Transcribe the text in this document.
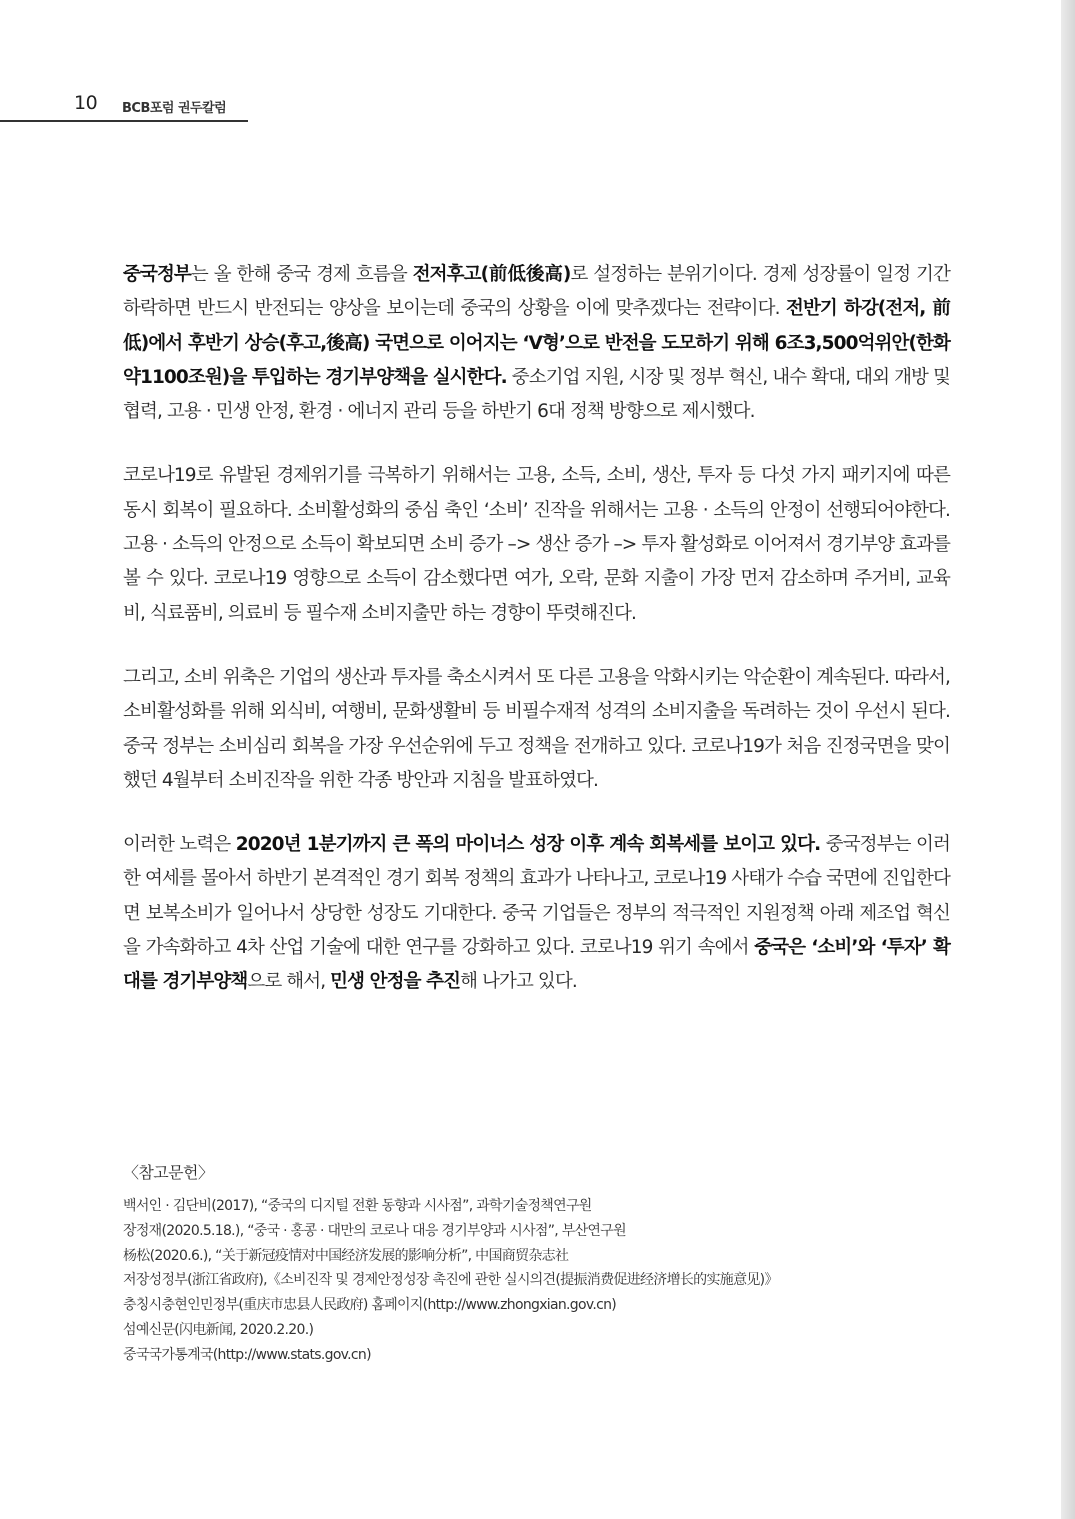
10 BCB포럼 권두칼럼

중국정부는 올 한해 중국 경제 흐름을 전저후고(前低後高)로 설정하는 분위기이다. 경제 성장률이 일정 기간 하락하면 반드시 반전되는 양상을 보이는데 중국의 상황을 이에 맞추겠다는 전략이다. 전반기 하강(전저, 前低)에서 후반기 상승(후고,後高) 국면으로 이어지는 ‘V형’으로 반전을 도모하기 위해 6조3,500억위안(한화 약1100조원)을 투입하는 경기부양책을 실시한다. 중소기업 지원, 시장 및 정부 혁신, 내수 확대, 대외 개방 및 협력, 고용 · 민생 안정, 환경 · 에너지 관리 등을 하반기 6대 정책 방향으로 제시했다.

코로나19로 유발된 경제위기를 극복하기 위해서는 고용, 소득, 소비, 생산, 투자 등 다섯 가지 패키지에 따른 동시 회복이 필요하다. 소비활성화의 중심 축인 ‘소비’ 진작을 위해서는 고용 · 소득의 안정이 선행되어야한다. 고용 · 소득의 안정으로 소득이 확보되면 소비 증가 –> 생산 증가 –> 투자 활성화로 이어져서 경기부양 효과를 볼 수 있다. 코로나19 영향으로 소득이 감소했다면 여가, 오락, 문화 지출이 가장 먼저 감소하며 주거비, 교육비, 식료품비, 의료비 등 필수재 소비지출만 하는 경향이 뚜렷해진다.

그리고, 소비 위축은 기업의 생산과 투자를 축소시켜서 또 다른 고용을 악화시키는 악순환이 계속된다. 따라서, 소비활성화를 위해 외식비, 여행비, 문화생활비 등 비필수재적 성격의 소비지출을 독려하는 것이 우선시 된다. 중국 정부는 소비심리 회복을 가장 우선순위에 두고 정책을 전개하고 있다. 코로나19가 처음 진정국면을 맞이했던 4월부터 소비진작을 위한 각종 방안과 지침을 발표하였다.

이러한 노력은 2020년 1분기까지 큰 폭의 마이너스 성장 이후 계속 회복세를 보이고 있다. 중국정부는 이러한 여세를 몰아서 하반기 본격적인 경기 회복 정책의 효과가 나타나고, 코로나19 사태가 수습 국면에 진입한다면 보복소비가 일어나서 상당한 성장도 기대한다. 중국 기업들은 정부의 적극적인 지원정책 아래 제조업 혁신을 가속화하고 4차 산업 기술에 대한 연구를 강화하고 있다. 코로나19 위기 속에서 중국은 ‘소비’와 ‘투자’ 확대를 경기부양책으로 해서, 민생 안정을 추진해 나가고 있다.

〈참고문헌〉
백서인 · 김단비(2017), “중국의 디지털 전환 동향과 시사점”, 과학기술정책연구원
장정재(2020.5.18.), “중국 · 홍콩 · 대만의 코로나 대응 경기부양과 시사점”, 부산연구원
杨松(2020.6.), “关于新冠疫情对中国经济发展的影响分析”, 中国商贸杂志社
저장성정부(浙江省政府),《소비진작 및 경제안정성장 촉진에 관한 실시의견(提振消费促进经济增长的实施意见)》
충칭시충현인민정부(重庆市忠县人民政府) 홈페이지(http://www.zhongxian.gov.cn)
섬예신문(闪电新闻, 2020.2.20.)
중국국가통계국(http://www.stats.gov.cn)
